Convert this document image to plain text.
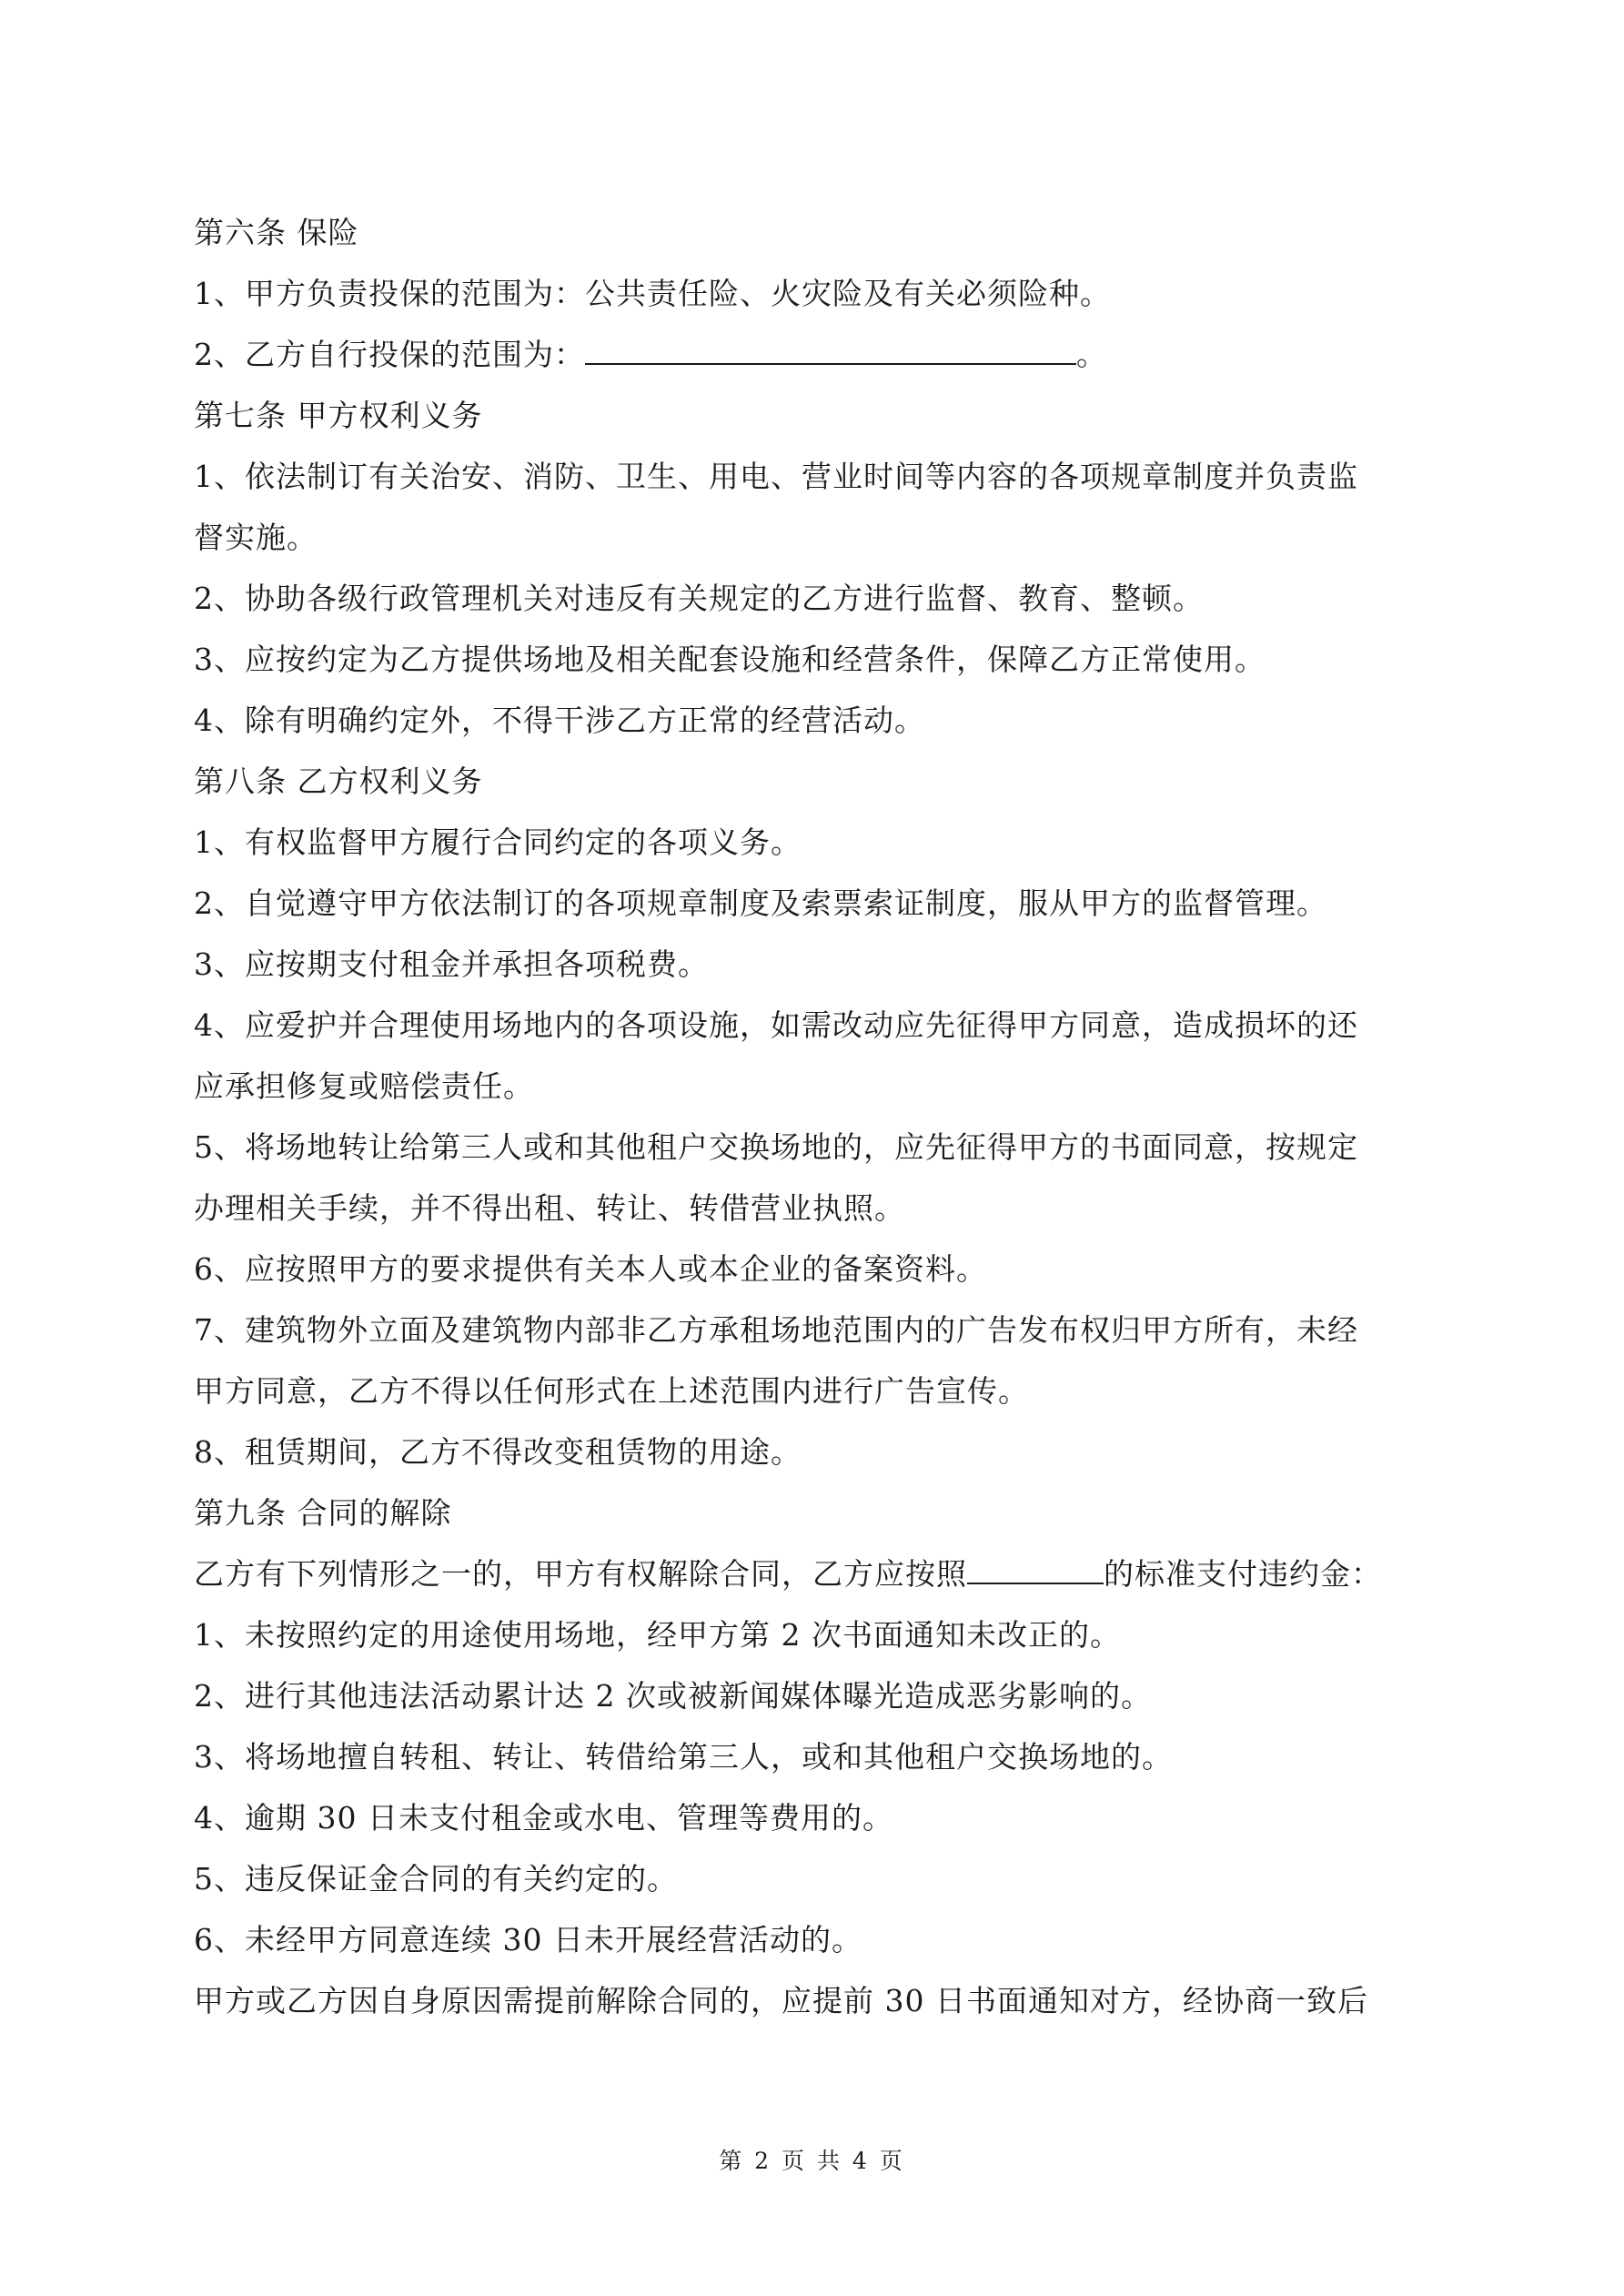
第六条 保险
1、甲方负责投保的范围为：公共责任险、火灾险及有关必须险种。
2、乙方自行投保的范围为：	。
第七条 甲方权利义务
1、依法制订有关治安、消防、卫生、用电、营业时间等内容的各项规章制度并负责监
督实施。
2、协助各级行政管理机关对违反有关规定的乙方进行监督、教育、整顿。
3、应按约定为乙方提供场地及相关配套设施和经营条件，保障乙方正常使用。
4、除有明确约定外，不得干涉乙方正常的经营活动。
第八条 乙方权利义务
1、有权监督甲方履行合同约定的各项义务。
2、自觉遵守甲方依法制订的各项规章制度及索票索证制度，服从甲方的监督管理。
3、应按期支付租金并承担各项税费。
4、应爱护并合理使用场地内的各项设施，如需改动应先征得甲方同意，造成损坏的还
应承担修复或赔偿责任。
5、将场地转让给第三人或和其他租户交换场地的，应先征得甲方的书面同意，按规定
办理相关手续，并不得出租、转让、转借营业执照。
6、应按照甲方的要求提供有关本人或本企业的备案资料。
7、建筑物外立面及建筑物内部非乙方承租场地范围内的广告发布权归甲方所有，未经
甲方同意，乙方不得以任何形式在上述范围内进行广告宣传。
8、租赁期间，乙方不得改变租赁物的用途。
第九条 合同的解除
乙方有下列情形之一的，甲方有权解除合同，乙方应按照	的标准支付违约金：
1、未按照约定的用途使用场地，经甲方第 2 次书面通知未改正的。
2、进行其他违法活动累计达 2 次或被新闻媒体曝光造成恶劣影响的。
3、将场地擅自转租、转让、转借给第三人，或和其他租户交换场地的。
4、逾期 30 日未支付租金或水电、管理等费用的。
5、违反保证金合同的有关约定的。
6、未经甲方同意连续 30 日未开展经营活动的。
甲方或乙方因自身原因需提前解除合同的，应提前 30 日书面通知对方，经协商一致后
第 2 页 共 4 页
